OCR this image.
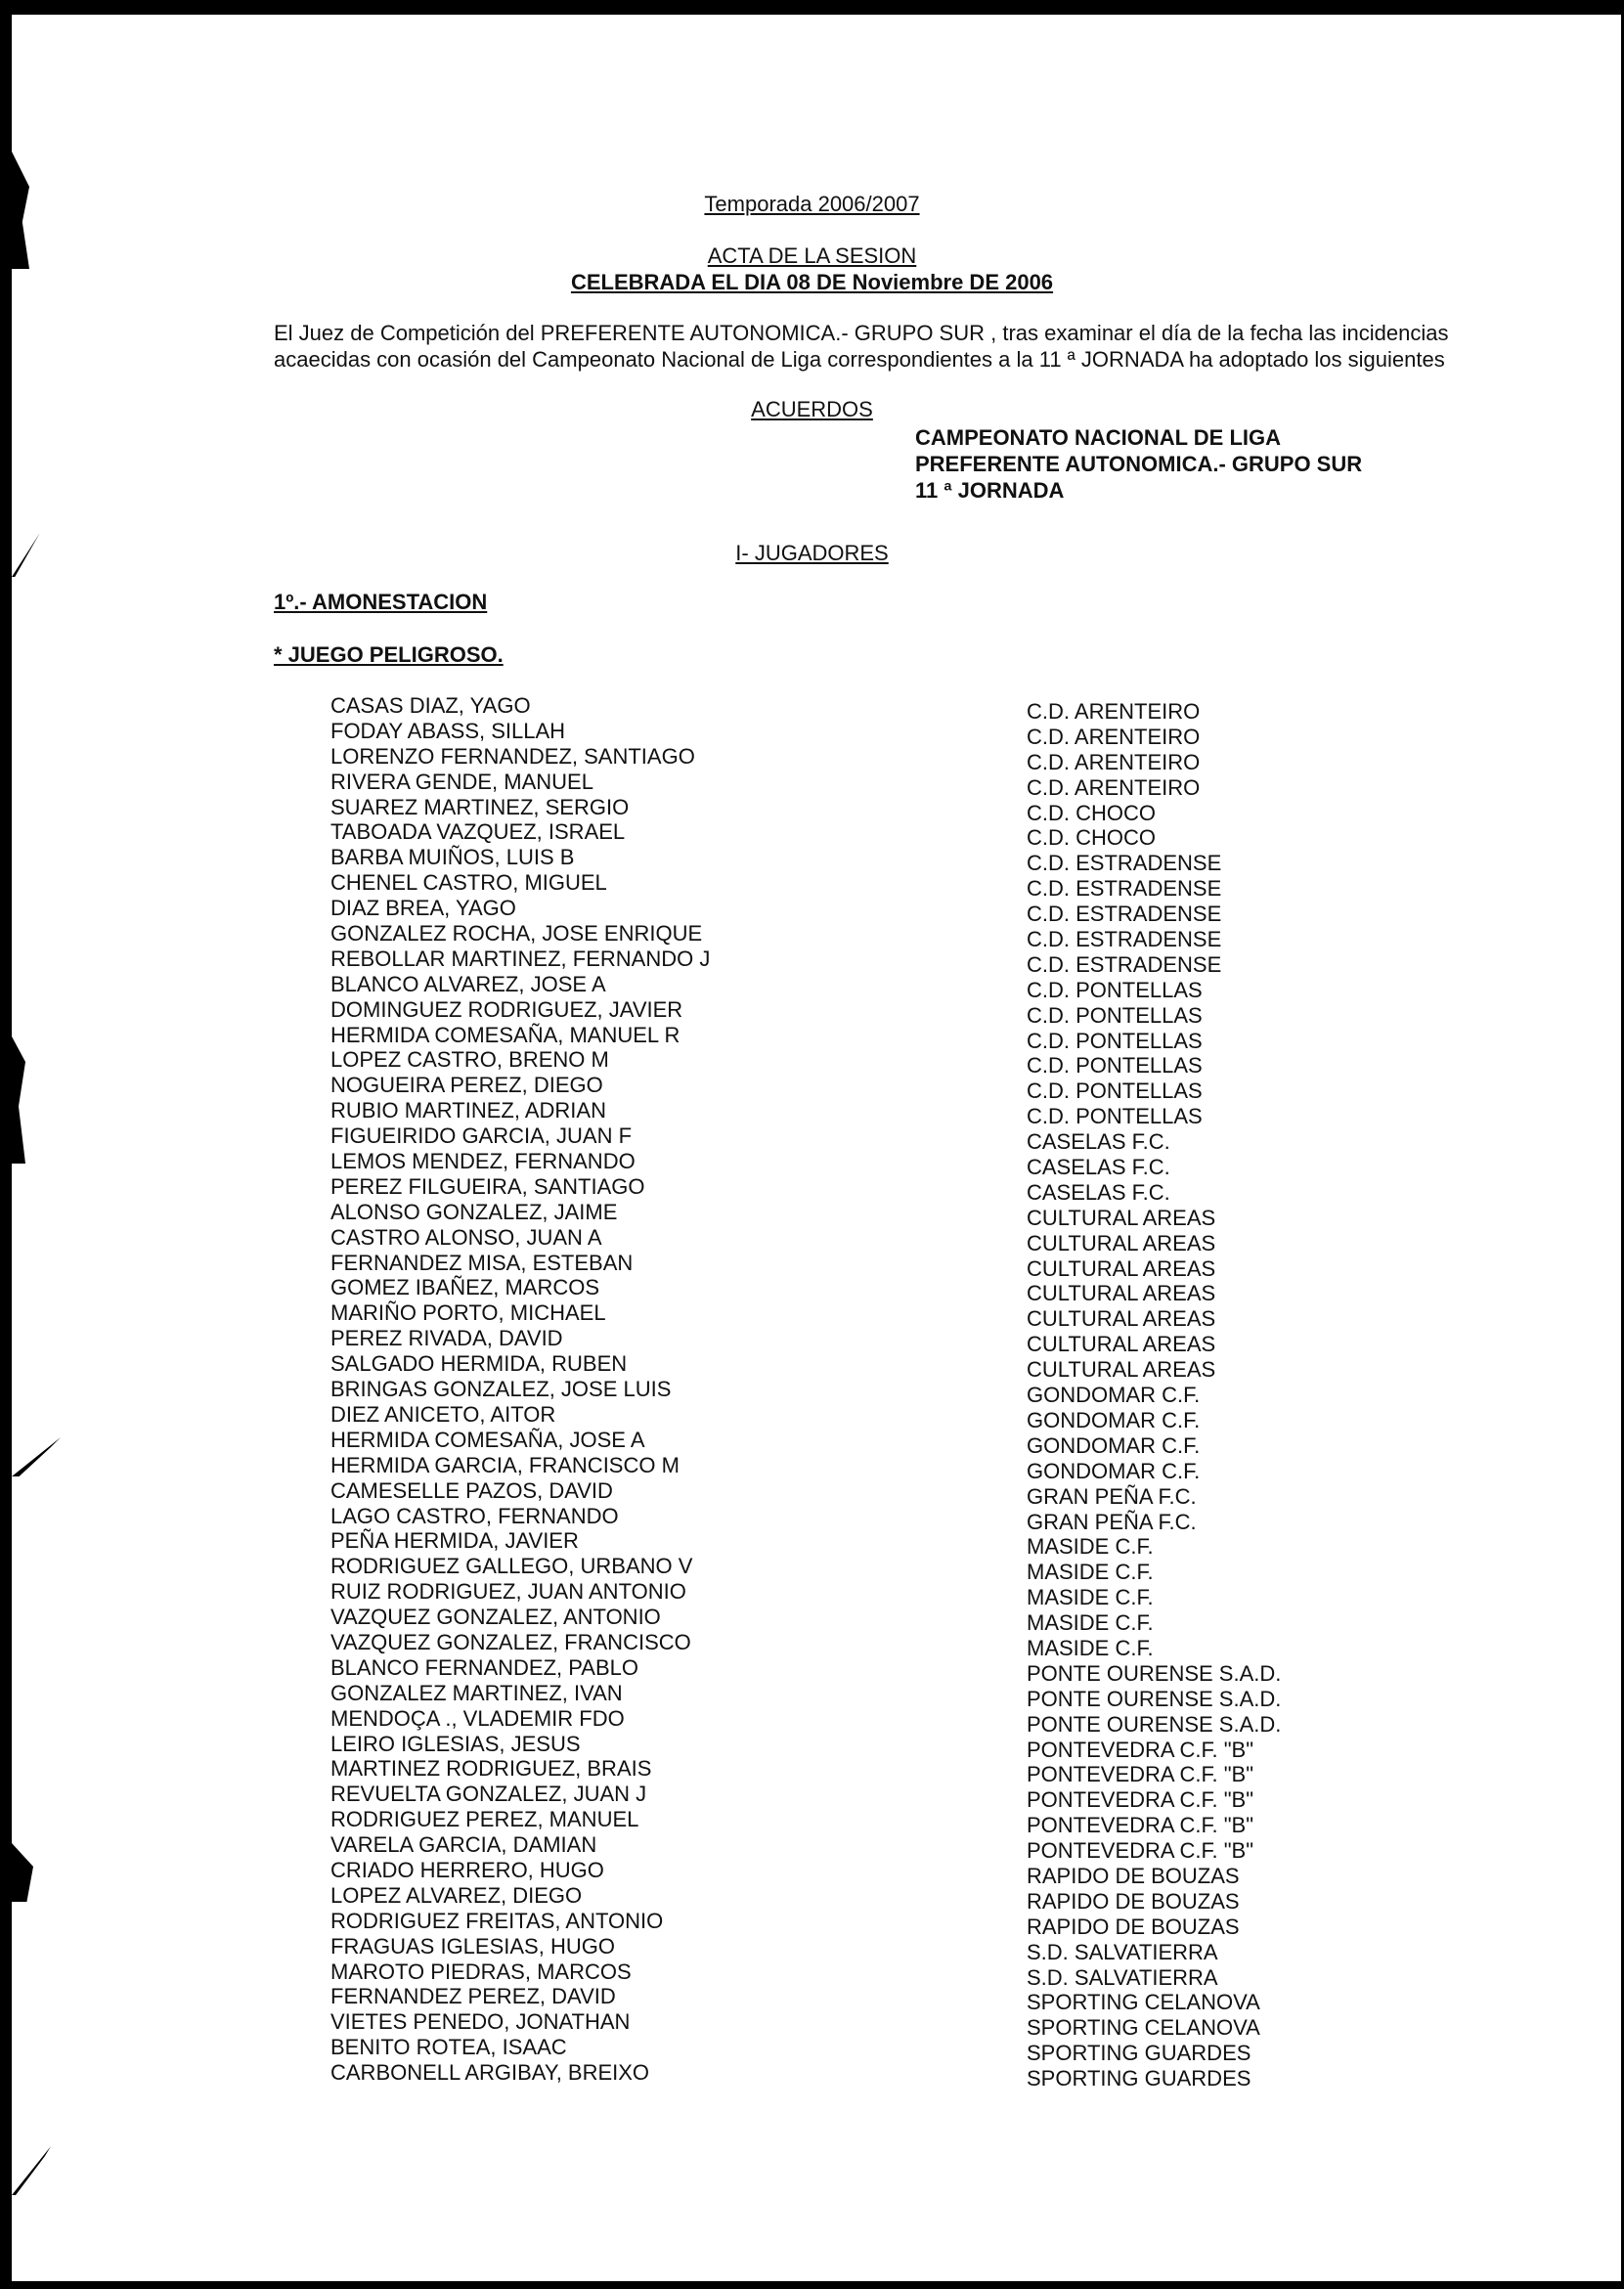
Temporada 2006/2007
ACTA DE LA SESION
CELEBRADA EL DIA 08 DE Noviembre DE 2006
El Juez de Competición del PREFERENTE AUTONOMICA.- GRUPO SUR , tras examinar el día de la fecha las incidencias acaecidas con ocasión del Campeonato Nacional de Liga correspondientes a la 11 ª JORNADA ha adoptado los siguientes
ACUERDOS
CAMPEONATO NACIONAL DE LIGA
PREFERENTE AUTONOMICA.- GRUPO SUR
11 ª JORNADA
I- JUGADORES
1º.- AMONESTACION
* JUEGO PELIGROSO.
CASAS DIAZ, YAGO
FODAY ABASS, SILLAH
LORENZO FERNANDEZ, SANTIAGO
RIVERA GENDE, MANUEL
SUAREZ MARTINEZ, SERGIO
TABOADA VAZQUEZ, ISRAEL
BARBA MUIÑOS, LUIS B
CHENEL CASTRO, MIGUEL
DIAZ BREA, YAGO
GONZALEZ ROCHA, JOSE ENRIQUE
REBOLLAR MARTINEZ, FERNANDO J
BLANCO ALVAREZ, JOSE A
DOMINGUEZ RODRIGUEZ, JAVIER
HERMIDA COMESAÑA, MANUEL R
LOPEZ CASTRO, BRENO M
NOGUEIRA PEREZ, DIEGO
RUBIO MARTINEZ, ADRIAN
FIGUEIRIDO GARCIA, JUAN F
LEMOS MENDEZ, FERNANDO
PEREZ FILGUEIRA, SANTIAGO
ALONSO GONZALEZ, JAIME
CASTRO ALONSO, JUAN A
FERNANDEZ MISA, ESTEBAN
GOMEZ IBAÑEZ, MARCOS
MARIÑO PORTO, MICHAEL
PEREZ RIVADA, DAVID
SALGADO HERMIDA, RUBEN
BRINGAS GONZALEZ, JOSE LUIS
DIEZ ANICETO, AITOR
HERMIDA COMESAÑA, JOSE A
HERMIDA GARCIA, FRANCISCO M
CAMESELLE PAZOS, DAVID
LAGO CASTRO, FERNANDO
PEÑA HERMIDA, JAVIER
RODRIGUEZ GALLEGO, URBANO V
RUIZ RODRIGUEZ, JUAN ANTONIO
VAZQUEZ GONZALEZ, ANTONIO
VAZQUEZ GONZALEZ, FRANCISCO
BLANCO FERNANDEZ, PABLO
GONZALEZ MARTINEZ, IVAN
MENDOÇA ., VLADEMIR FDO
LEIRO IGLESIAS, JESUS
MARTINEZ RODRIGUEZ, BRAIS
REVUELTA GONZALEZ, JUAN J
RODRIGUEZ PEREZ, MANUEL
VARELA GARCIA, DAMIAN
CRIADO HERRERO, HUGO
LOPEZ ALVAREZ, DIEGO
RODRIGUEZ FREITAS, ANTONIO
FRAGUAS IGLESIAS, HUGO
MAROTO PIEDRAS, MARCOS
FERNANDEZ PEREZ, DAVID
VIETES PENEDO, JONATHAN
BENITO ROTEA, ISAAC
CARBONELL ARGIBAY, BREIXO
C.D. ARENTEIRO
C.D. ARENTEIRO
C.D. ARENTEIRO
C.D. ARENTEIRO
C.D. CHOCO
C.D. CHOCO
C.D. ESTRADENSE
C.D. ESTRADENSE
C.D. ESTRADENSE
C.D. ESTRADENSE
C.D. ESTRADENSE
C.D. PONTELLAS
C.D. PONTELLAS
C.D. PONTELLAS
C.D. PONTELLAS
C.D. PONTELLAS
C.D. PONTELLAS
CASELAS F.C.
CASELAS F.C.
CASELAS F.C.
CULTURAL AREAS
CULTURAL AREAS
CULTURAL AREAS
CULTURAL AREAS
CULTURAL AREAS
CULTURAL AREAS
CULTURAL AREAS
GONDOMAR C.F.
GONDOMAR C.F.
GONDOMAR C.F.
GONDOMAR C.F.
GRAN PEÑA F.C.
GRAN PEÑA F.C.
MASIDE C.F.
MASIDE C.F.
MASIDE C.F.
MASIDE C.F.
MASIDE C.F.
PONTE OURENSE S.A.D.
PONTE OURENSE S.A.D.
PONTE OURENSE S.A.D.
PONTEVEDRA C.F. "B"
PONTEVEDRA C.F. "B"
PONTEVEDRA C.F. "B"
PONTEVEDRA C.F. "B"
PONTEVEDRA C.F. "B"
RAPIDO DE BOUZAS
RAPIDO DE BOUZAS
RAPIDO DE BOUZAS
S.D. SALVATIERRA
S.D. SALVATIERRA
SPORTING CELANOVA
SPORTING CELANOVA
SPORTING GUARDES
SPORTING GUARDES
